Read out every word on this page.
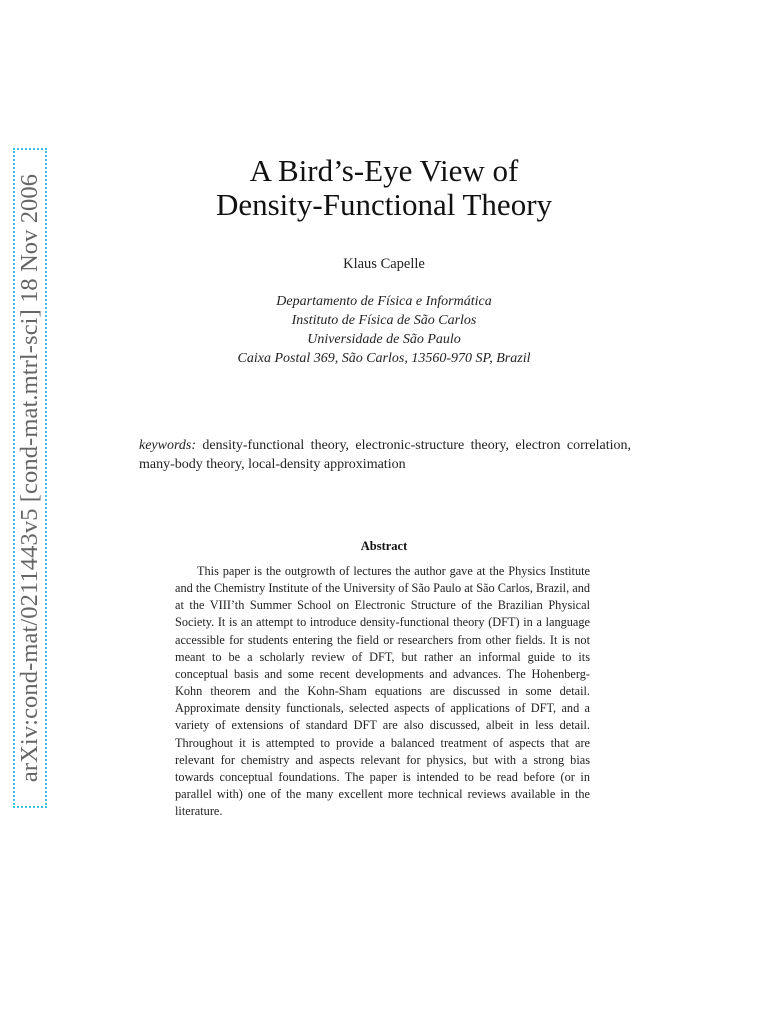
arXiv:cond-mat/0211443v5 [cond-mat.mtrl-sci] 18 Nov 2006
A Bird’s-Eye View of
Density-Functional Theory
Klaus Capelle
Departamento de Física e Informática
Instituto de Física de São Carlos
Universidade de São Paulo
Caixa Postal 369, São Carlos, 13560-970 SP, Brazil
keywords: density-functional theory, electronic-structure theory, electron correlation, many-body theory, local-density approximation
Abstract

This paper is the outgrowth of lectures the author gave at the Physics Institute and the Chemistry Institute of the University of São Paulo at São Carlos, Brazil, and at the VIII’th Summer School on Electronic Structure of the Brazilian Physical Society. It is an attempt to introduce density-functional theory (DFT) in a language accessible for students entering the field or researchers from other fields. It is not meant to be a scholarly review of DFT, but rather an informal guide to its conceptual basis and some recent developments and advances. The Hohenberg-Kohn theorem and the Kohn-Sham equations are discussed in some detail. Approximate density functionals, selected aspects of applications of DFT, and a variety of extensions of standard DFT are also discussed, albeit in less detail. Throughout it is attempted to provide a balanced treatment of aspects that are relevant for chemistry and aspects relevant for physics, but with a strong bias towards conceptual foundations. The paper is intended to be read before (or in parallel with) one of the many excellent more technical reviews available in the literature.
